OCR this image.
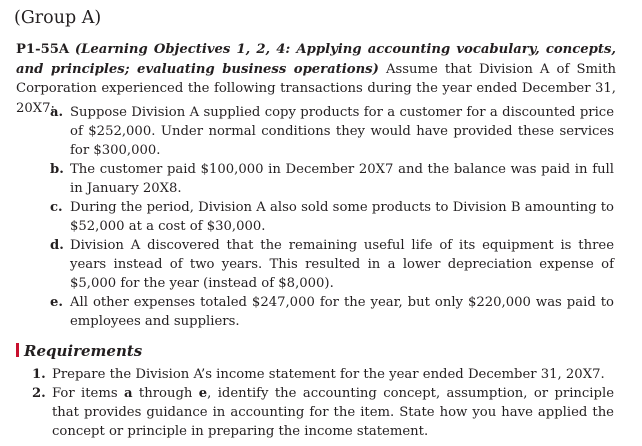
(Group A)
P1-55A (Learning Objectives 1, 2, 4: Applying accounting vocabulary, concepts, and principles; evaluating business operations) Assume that Division A of Smith Corporation experienced the following transactions during the year ended December 31, 20X7:
a. Suppose Division A supplied copy products for a customer for a discounted price of $252,000. Under normal conditions they would have provided these services for $300,000.
b. The customer paid $100,000 in December 20X7 and the balance was paid in full in January 20X8.
c. During the period, Division A also sold some products to Division B amounting to $52,000 at a cost of $30,000.
d. Division A discovered that the remaining useful life of its equipment is three years instead of two years. This resulted in a lower depreciation expense of $5,000 for the year (instead of $8,000).
e. All other expenses totaled $247,000 for the year, but only $220,000 was paid to employees and suppliers.
Requirements
1. Prepare the Division A’s income statement for the year ended December 31, 20X7.
2. For items a through e, identify the accounting concept, assumption, or principle that provides guidance in accounting for the item. State how you have applied the concept or principle in preparing the income statement.
